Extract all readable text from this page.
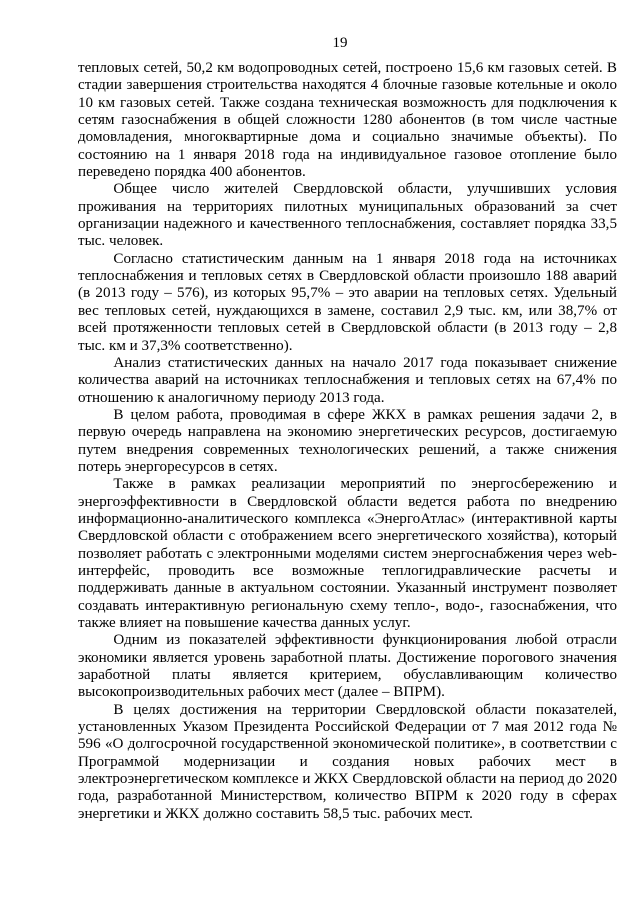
19

тепловых сетей, 50,2 км водопроводных сетей, построено 15,6 км газовых сетей. В стадии завершения строительства находятся 4 блочные газовые котельные и около 10 км газовых сетей. Также создана техническая возможность для подключения к сетям газоснабжения в общей сложности 1280 абонентов (в том числе частные домовладения, многоквартирные дома и социально значимые объекты). По состоянию на 1 января 2018 года на индивидуальное газовое отопление было переведено порядка 400 абонентов.

Общее число жителей Свердловской области, улучшивших условия проживания на территориях пилотных муниципальных образований за счет организации надежного и качественного теплоснабжения, составляет порядка 33,5 тыс. человек.

Согласно статистическим данным на 1 января 2018 года на источниках теплоснабжения и тепловых сетях в Свердловской области произошло 188 аварий (в 2013 году – 576), из которых 95,7% – это аварии на тепловых сетях. Удельный вес тепловых сетей, нуждающихся в замене, составил 2,9 тыс. км, или 38,7% от всей протяженности тепловых сетей в Свердловской области (в 2013 году – 2,8 тыс. км и 37,3% соответственно).

Анализ статистических данных на начало 2017 года показывает снижение количества аварий на источниках теплоснабжения и тепловых сетях на 67,4% по отношению к аналогичному периоду 2013 года.

В целом работа, проводимая в сфере ЖКХ в рамках решения задачи 2, в первую очередь направлена на экономию энергетических ресурсов, достигаемую путем внедрения современных технологических решений, а также снижения потерь энергоресурсов в сетях.

Также в рамках реализации мероприятий по энергосбережению и энергоэффективности в Свердловской области ведется работа по внедрению информационно-аналитического комплекса «ЭнергоАтлас» (интерактивной карты Свердловской области с отображением всего энергетического хозяйства), который позволяет работать с электронными моделями систем энергоснабжения через web-интерфейс, проводить все возможные теплогидравлические расчеты и поддерживать данные в актуальном состоянии. Указанный инструмент позволяет создавать интерактивную региональную схему тепло-, водо-, газоснабжения, что также влияет на повышение качества данных услуг.

Одним из показателей эффективности функционирования любой отрасли экономики является уровень заработной платы. Достижение порогового значения заработной платы является критерием, обуславливающим количество высокопроизводительных рабочих мест (далее – ВПРМ).

В целях достижения на территории Свердловской области показателей, установленных Указом Президента Российской Федерации от 7 мая 2012 года № 596 «О долгосрочной государственной экономической политике», в соответствии с Программой модернизации и создания новых рабочих мест в электроэнергетическом комплексе и ЖКХ Свердловской области на период до 2020 года, разработанной Министерством, количество ВПРМ к 2020 году в сферах энергетики и ЖКХ должно составить 58,5 тыс. рабочих мест.
